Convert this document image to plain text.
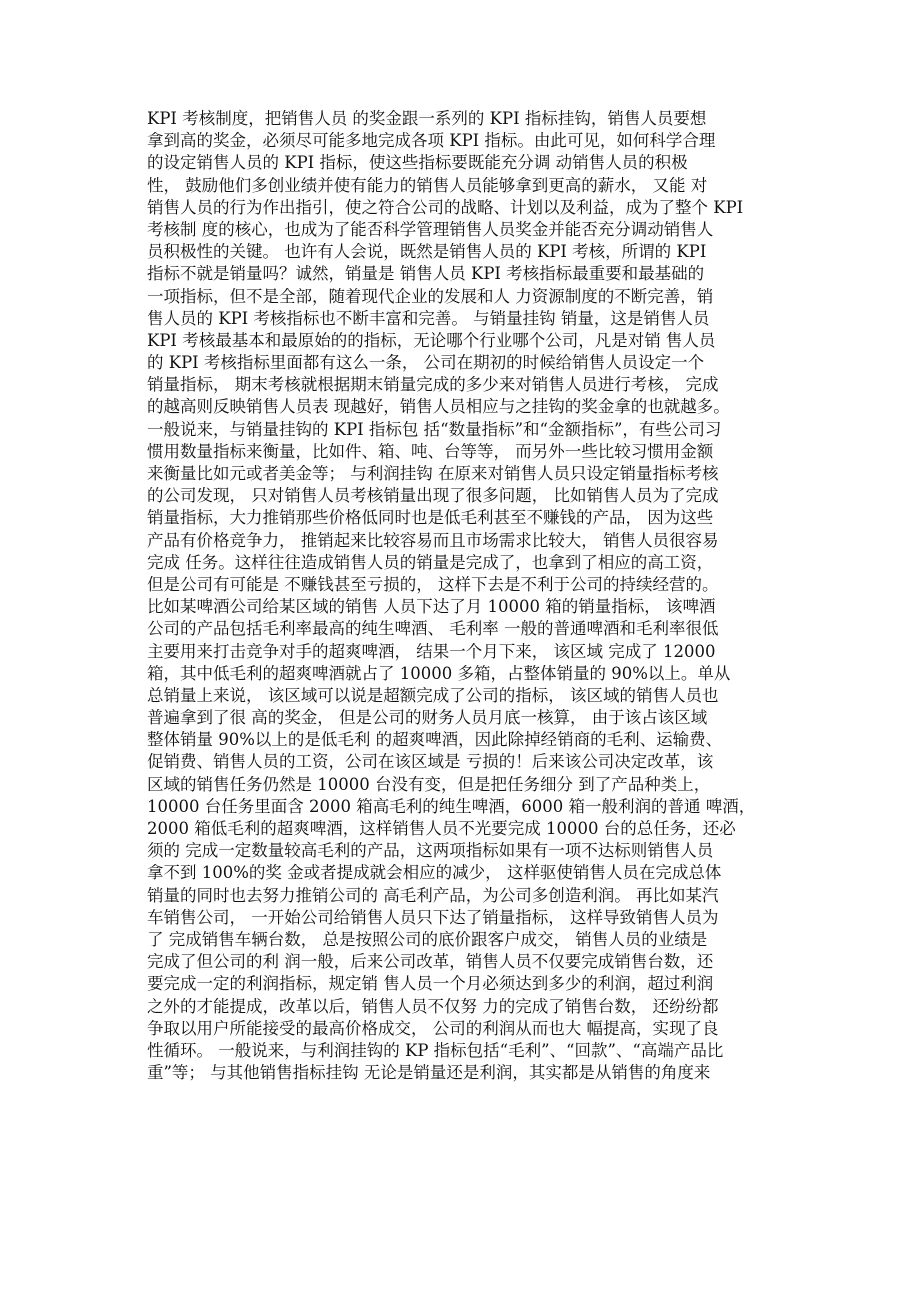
KPI 考核制度，把销售人员 的奖金跟一系列的 KPI 指标挂钩，销售人员要想
拿到高的奖金，必须尽可能多地完成各项 KPI 指标。由此可见，如何科学合理
的设定销售人员的 KPI 指标，使这些指标要既能充分调 动销售人员的积极
性， 鼓励他们多创业绩并使有能力的销售人员能够拿到更高的薪水， 又能 对
销售人员的行为作出指引，使之符合公司的战略、计划以及利益，成为了整个 KPI
考核制 度的核心，也成为了能否科学管理销售人员奖金并能否充分调动销售人
员积极性的关键。 也许有人会说，既然是销售人员的 KPI 考核，所谓的 KPI
指标不就是销量吗？诚然，销量是 销售人员 KPI 考核指标最重要和最基础的
一项指标，但不是全部，随着现代企业的发展和人 力资源制度的不断完善，销
售人员的 KPI 考核指标也不断丰富和完善。 与销量挂钩 销量，这是销售人员
KPI 考核最基本和最原始的的指标，无论哪个行业哪个公司，凡是对销 售人员
的 KPI 考核指标里面都有这么一条， 公司在期初的时候给销售人员设定一个
销量指标， 期末考核就根据期末销量完成的多少来对销售人员进行考核， 完成
的越高则反映销售人员表 现越好，销售人员相应与之挂钩的奖金拿的也就越多。
一般说来，与销量挂钩的 KPI 指标包 括“数量指标”和“金额指标”，有些公司习
惯用数量指标来衡量，比如件、箱、吨、台等等， 而另外一些比较习惯用金额
来衡量比如元或者美金等； 与利润挂钩 在原来对销售人员只设定销量指标考核
的公司发现， 只对销售人员考核销量出现了很多问题， 比如销售人员为了完成
销量指标，大力推销那些价格低同时也是低毛利甚至不赚钱的产品， 因为这些
产品有价格竞争力， 推销起来比较容易而且市场需求比较大， 销售人员很容易
完成 任务。这样往往造成销售人员的销量是完成了，也拿到了相应的高工资，
但是公司有可能是 不赚钱甚至亏损的， 这样下去是不利于公司的持续经营的。
比如某啤酒公司给某区域的销售 人员下达了月 10000 箱的销量指标， 该啤酒
公司的产品包括毛利率最高的纯生啤酒、 毛利率 一般的普通啤酒和毛利率很低
主要用来打击竞争对手的超爽啤酒， 结果一个月下来， 该区域 完成了 12000
箱，其中低毛利的超爽啤酒就占了 10000 多箱，占整体销量的 90%以上。单从
总销量上来说， 该区域可以说是超额完成了公司的指标， 该区域的销售人员也
普遍拿到了很 高的奖金， 但是公司的财务人员月底一核算， 由于该占该区域
整体销量 90%以上的是低毛利 的超爽啤酒，因此除掉经销商的毛利、运输费、
促销费、销售人员的工资，公司在该区域是 亏损的！后来该公司决定改革，该
区域的销售任务仍然是 10000 台没有变，但是把任务细分 到了产品种类上，
10000 台任务里面含 2000 箱高毛利的纯生啤酒，6000 箱一般利润的普通 啤酒，
2000 箱低毛利的超爽啤酒，这样销售人员不光要完成 10000 台的总任务，还必
须的 完成一定数量较高毛利的产品，这两项指标如果有一项不达标则销售人员
拿不到 100%的奖 金或者提成就会相应的减少， 这样驱使销售人员在完成总体
销量的同时也去努力推销公司的 高毛利产品，为公司多创造利润。 再比如某汽
车销售公司， 一开始公司给销售人员只下达了销量指标， 这样导致销售人员为
了 完成销售车辆台数， 总是按照公司的底价跟客户成交， 销售人员的业绩是
完成了但公司的利 润一般，后来公司改革，销售人员不仅要完成销售台数，还
要完成一定的利润指标，规定销 售人员一个月必须达到多少的利润，超过利润
之外的才能提成，改革以后，销售人员不仅努 力的完成了销售台数， 还纷纷都
争取以用户所能接受的最高价格成交， 公司的利润从而也大 幅提高，实现了良
性循环。 一般说来，与利润挂钩的 KP 指标包括“毛利”、“回款”、“高端产品比
重”等； 与其他销售指标挂钩 无论是销量还是利润，其实都是从销售的角度来
